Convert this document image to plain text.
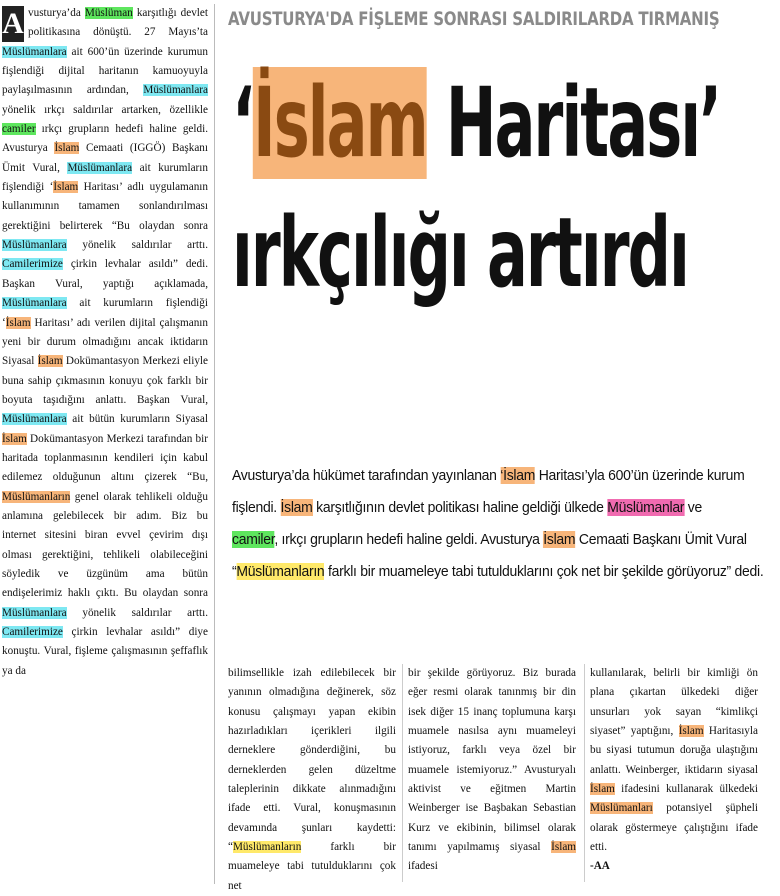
A vusturya’da Müslüman karşıtlığı devlet politikasına dönüştü. 27 Mayıs’ta Müslümanlara ait 600’ün üzerinde kurumun fişlendiği dijital haritanın kamuoyuyla paylaşılmasının ardından, Müslümanlara yönelik ırkçı saldırılar artarken, özellikle camiler ırkçı grupların hedefi haline geldi. Avusturya İslam Cemaati (IGGÖ) Başkanı Ümit Vural, Müslümanlara ait kurumların fişlendiği ‘İslam Haritası’ adlı uygulamanın kullanımının tamamen sonlandırılması gerektiğini belirterek “Bu olaydan sonra Müslümanlara yönelik saldırılar arttı. Camilerimize çirkin levhalar asıldı” dedi. Başkan Vural, yaptığı açıklamada, Müslümanlara ait kurumların fişlendiği ‘İslam Haritası’ adı verilen dijital çalışmanın yeni bir durum olmadığını ancak iktidarın Siyasal İslam Dokümantasyon Merkezi eliyle buna sahip çıkmasının konuyu çok farklı bir boyuta taşıdığını anlattı. Başkan Vural, Müslümanlara ait bütün kurumların Siyasal İslam Dokümantasyon Merkezi tarafından bir haritada toplanmasının kendileri için kabul edilemez olduğunun altını çizerek “Bu, Müslümanların genel olarak tehlikeli olduğu anlamına gelebilecek bir adım. Biz bu internet sitesini biran evvel çevirim dışı olması gerektiğini, tehlikeli olabileceğini söyledik ve üzgünüm ama bütün endişelerimiz haklı çıktı. Bu olaydan sonra Müslümanlara yönelik saldırılar arttı. Camilerimize çirkin levhalar asıldı” diye konuştu. Vural, fişleme çalışmasının şeffaflık ya da

AVUSTURYA'DA FİŞLEME SONRASI SALDIRILARDA TIRMANIŞ
‘İslam Haritası’
ırkçılığı artırdı
Avusturya’da hükümet tarafından yayınlanan ‘İslam Haritası’yla 600’ün üzerinde kurum
fişlendi. İslam karşıtlığının devlet politikası haline geldiği ülkede Müslümanlar ve
camiler, ırkçı grupların hedefi haline geldi. Avusturya İslam Cemaati Başkanı Ümit Vural
“Müslümanların farklı bir muameleye tabi tutulduklarını çok net bir şekilde görüyoruz” dedi.

bilimsellikle izah edilebilecek bir yanının olmadığına değinerek, söz konusu çalışmayı yapan ekibin hazırladıkları içerikleri ilgili derneklere gönderdiğini, bu derneklerden gelen düzeltme taleplerinin dikkate alınmadığını ifade etti. Vural, konuşmasının devamında şunları kaydetti: “Müslümanların farklı bir muameleye tabi tutulduklarını çok net

bir şekilde görüyoruz. Biz burada eğer resmi olarak tanınmış bir din isek diğer 15 inanç toplumuna karşı muamele nasılsa aynı muameleyi istiyoruz, farklı veya özel bir muamele istemiyoruz.” Avusturyalı aktivist ve eğitmen Martin Weinberger ise Başbakan Sebastian Kurz ve ekibinin, bilimsel olarak tanımı yapılmamış siyasal İslam ifadesi

kullanılarak, belirli bir kimliği ön plana çıkartan ülkedeki diğer unsurları yok sayan “kimlikçi siyaset” yaptığını, İslam Haritasıyla bu siyasi tutumun doruğa ulaştığını anlattı. Weinberger, iktidarın siyasal İslam ifadesini kullanarak ülkedeki Müslümanları potansiyel şüpheli olarak göstermeye çalıştığını ifade etti.
-AA
